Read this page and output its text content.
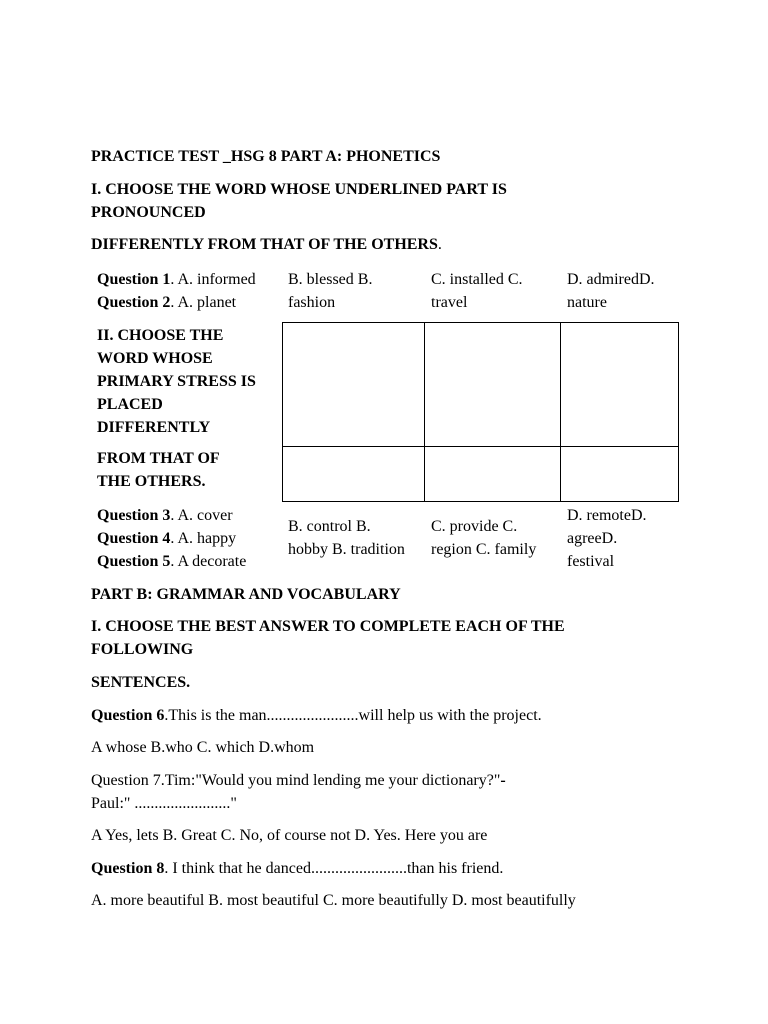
PRACTICE TEST _HSG 8 PART A: PHONETICS
I. CHOOSE THE WORD WHOSE UNDERLINED PART IS
PRONOUNCED
DIFFERENTLY FROM THAT OF THE OTHERS.
Question 1. A. informed
Question 2. A. planet
B. blessed B.
fashion
C. installed C.
travel
D. admiredD.
nature
II. CHOOSE THE
WORD WHOSE
PRIMARY STRESS IS
PLACED
DIFFERENTLY
FROM THAT OF
THE OTHERS.
Question 3. A. cover
Question 4. A. happy
Question 5. A decorate
B. control B.
hobby B. tradition
C. provide C.
region C. family
D. remoteD.
agreeD.
festival
PART B: GRAMMAR AND VOCABULARY
I. CHOOSE THE BEST ANSWER TO COMPLETE EACH OF THE
FOLLOWING
SENTENCES.
Question 6.This is the man.......................will help us with the project.
A whose B.who C. which D.whom
Question 7.Tim:"Would you mind lending me your dictionary?"-
Paul:" ........................"
A Yes, lets B. Great C. No, of course not D. Yes. Here you are
Question 8. I think that he danced........................than his friend.
A. more beautiful B. most beautiful C. more beautifully D. most beautifully
